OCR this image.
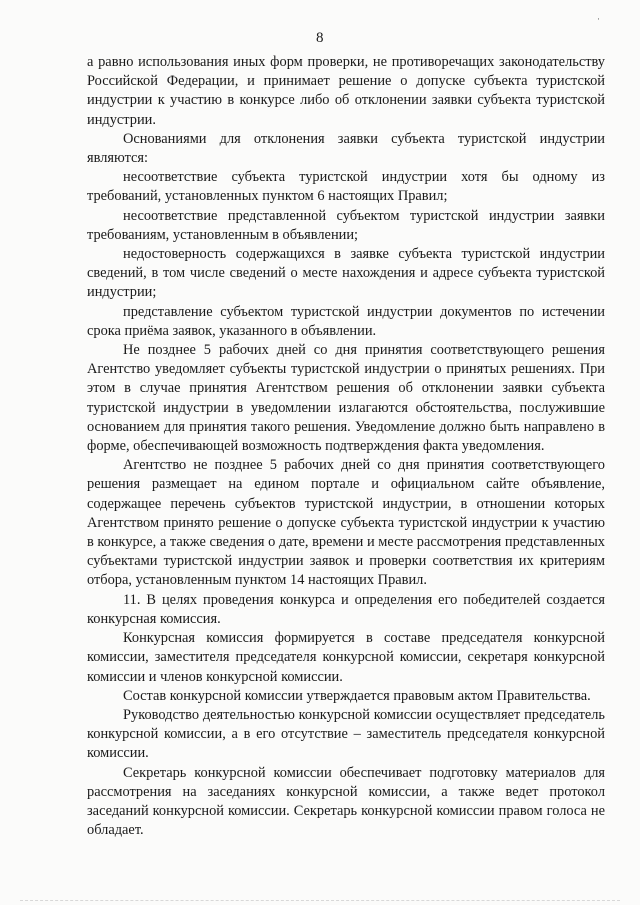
·
8

а равно использования иных форм проверки, не противоречащих законодательству Российской Федерации, и принимает решение о допуске субъекта туристской индустрии к участию в конкурсе либо об отклонении заявки субъекта туристской индустрии.

Основаниями для отклонения заявки субъекта туристской индустрии являются:

несоответствие субъекта туристской индустрии хотя бы одному из требований, установленных пунктом 6 настоящих Правил;

несоответствие представленной субъектом туристской индустрии заявки требованиям, установленным в объявлении;

недостоверность содержащихся в заявке субъекта туристской индустрии сведений, в том числе сведений о месте нахождения и адресе субъекта туристской индустрии;

представление субъектом туристской индустрии документов по истечении срока приёма заявок, указанного в объявлении.

Не позднее 5 рабочих дней со дня принятия соответствующего решения Агентство уведомляет субъекты туристской индустрии о принятых решениях. При этом в случае принятия Агентством решения об отклонении заявки субъекта туристской индустрии в уведомлении излагаются обстоятельства, послужившие основанием для принятия такого решения. Уведомление должно быть направлено в форме, обеспечивающей возможность подтверждения факта уведомления.

Агентство не позднее 5 рабочих дней со дня принятия соответствующего решения размещает на едином портале и официальном сайте объявление, содержащее перечень субъектов туристской индустрии, в отношении которых Агентством принято решение о допуске субъекта туристской индустрии к участию в конкурсе, а также сведения о дате, времени и месте рассмотрения представленных субъектами туристской индустрии заявок и проверки соответствия их критериям отбора, установленным пунктом 14 настоящих Правил.

11. В целях проведения конкурса и определения его победителей создается конкурсная комиссия.

Конкурсная комиссия формируется в составе председателя конкурсной комиссии, заместителя председателя конкурсной комиссии, секретаря конкурсной комиссии и членов конкурсной комиссии.

Состав конкурсной комиссии утверждается правовым актом Правительства.

Руководство деятельностью конкурсной комиссии осуществляет председатель конкурсной комиссии, а в его отсутствие – заместитель председателя конкурсной комиссии.

Секретарь конкурсной комиссии обеспечивает подготовку материалов для рассмотрения на заседаниях конкурсной комиссии, а также ведет протокол заседаний конкурсной комиссии. Секретарь конкурсной комиссии правом голоса не обладает.
